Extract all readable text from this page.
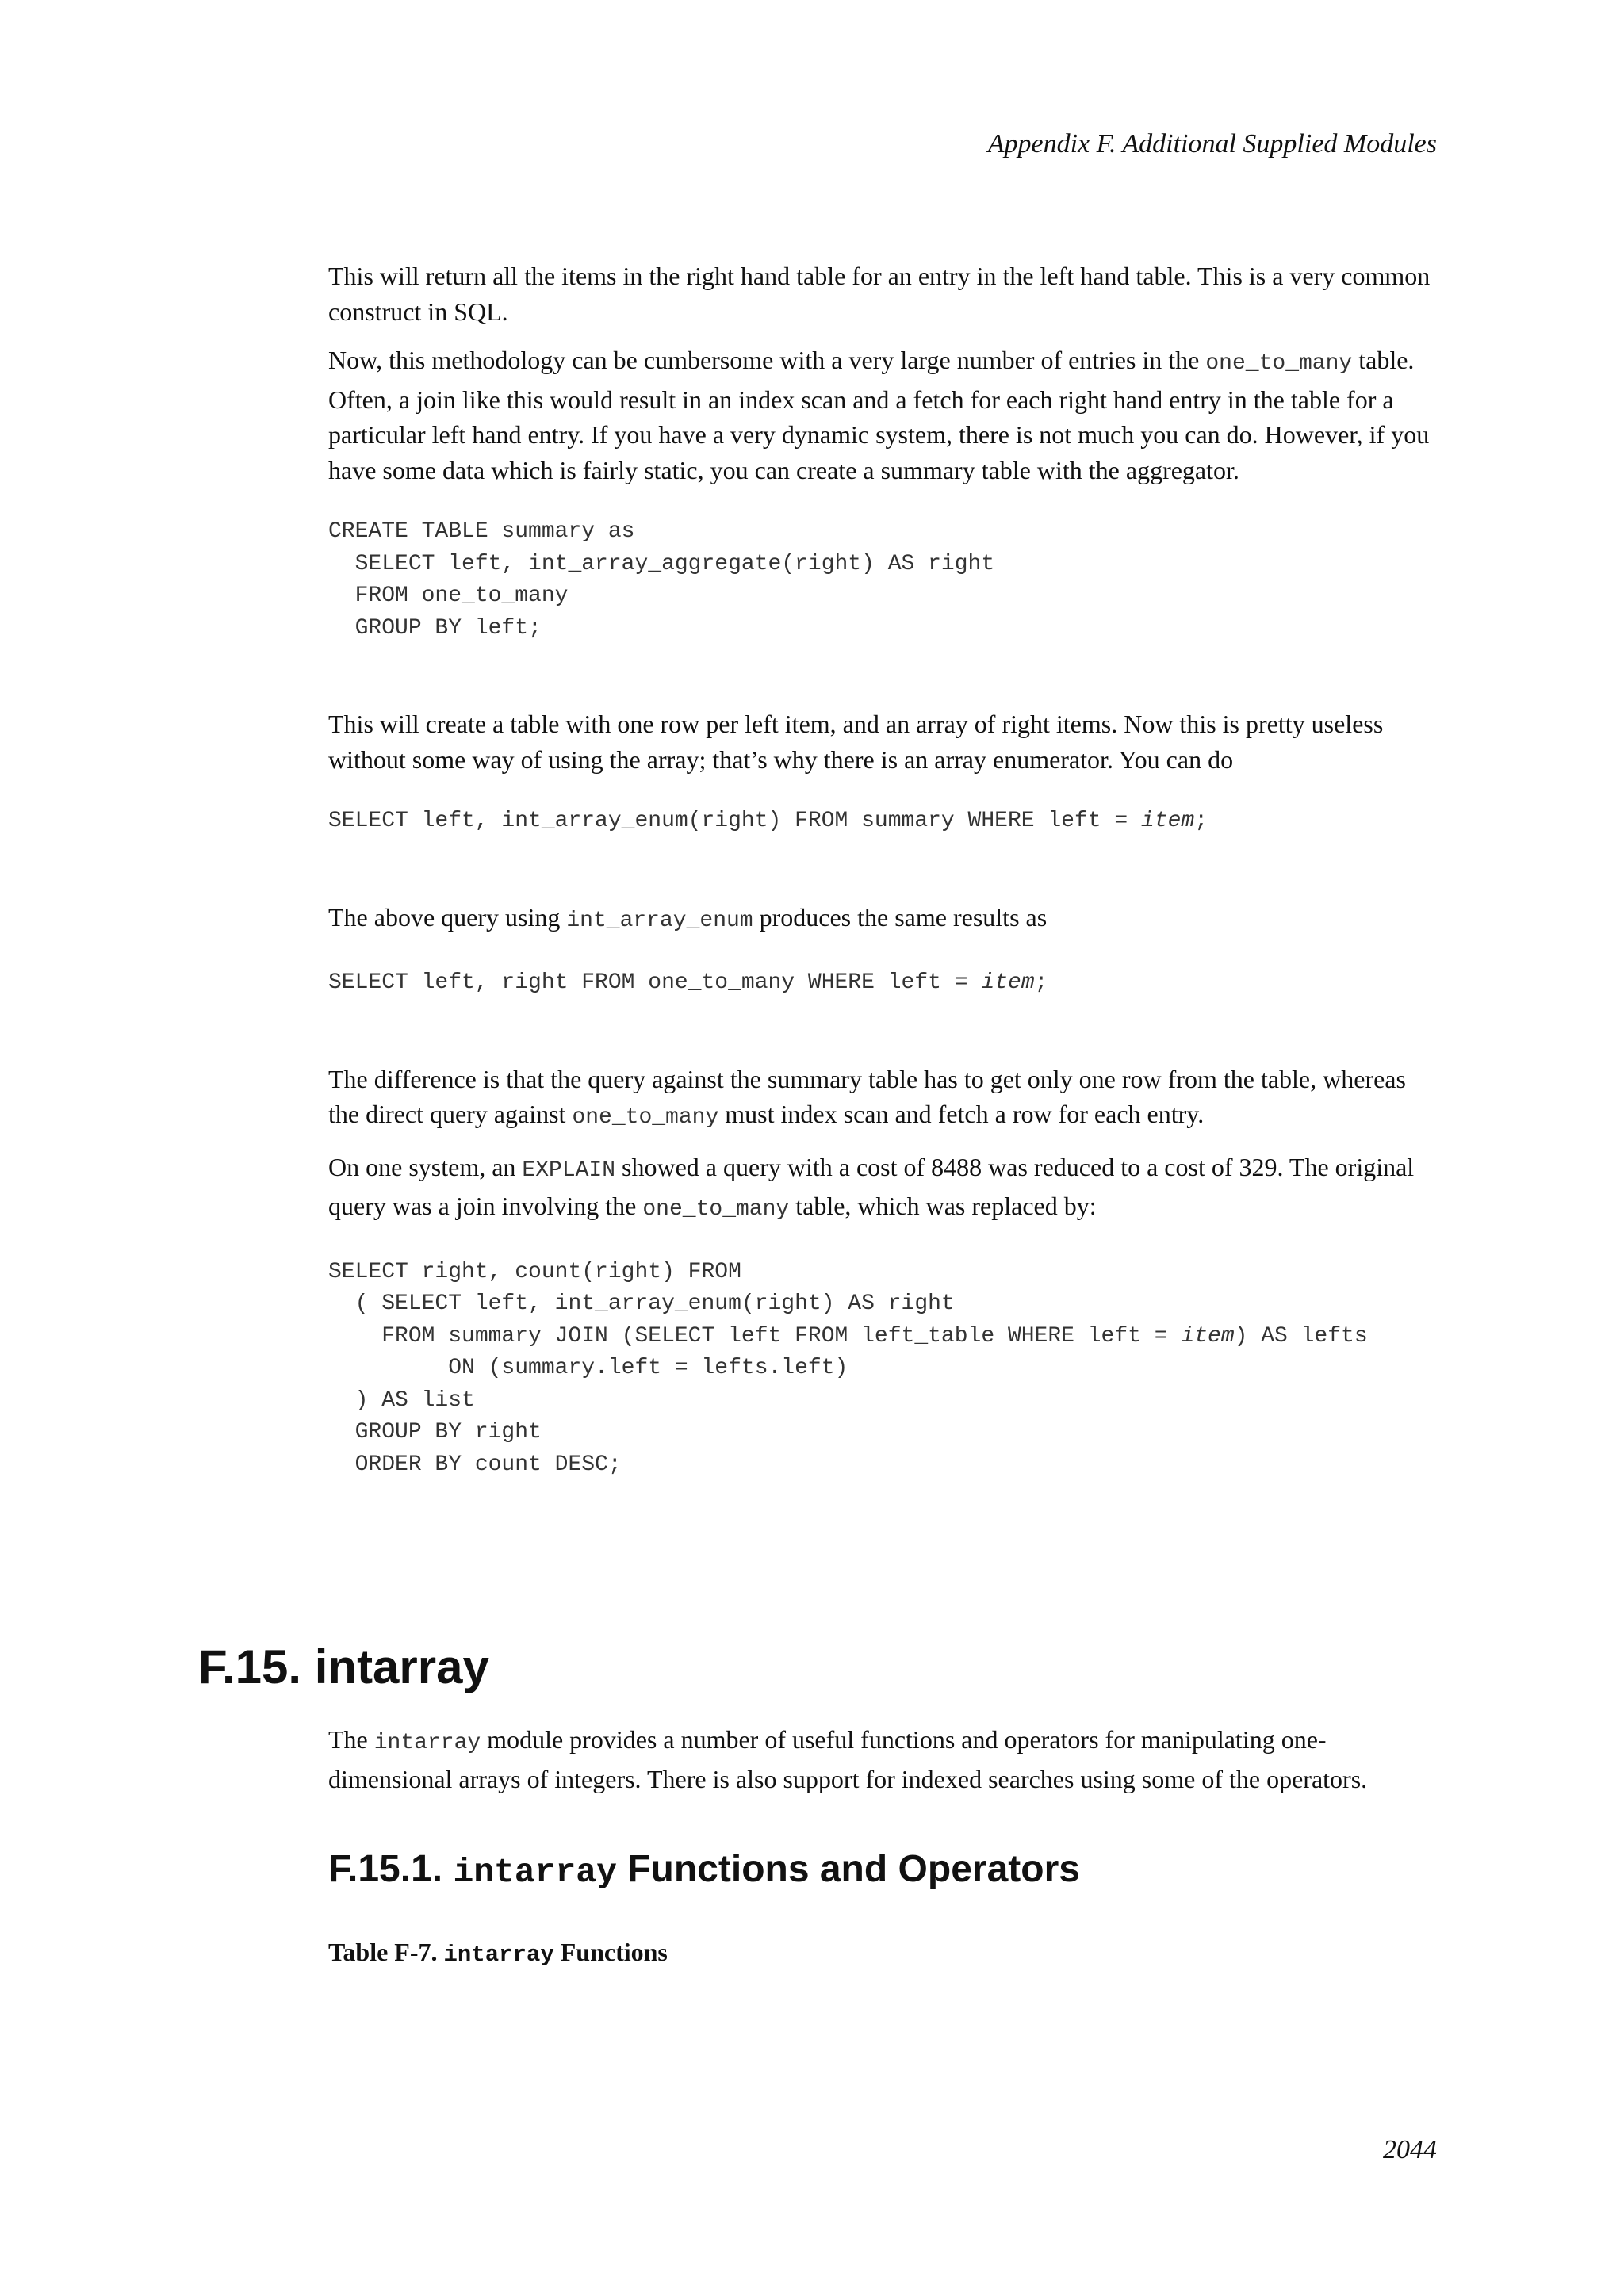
Appendix F. Additional Supplied Modules

This will return all the items in the right hand table for an entry in the left hand table. This is a very common construct in SQL.

Now, this methodology can be cumbersome with a very large number of entries in the one_to_many table. Often, a join like this would result in an index scan and a fetch for each right hand entry in the table for a particular left hand entry. If you have a very dynamic system, there is not much you can do. However, if you have some data which is fairly static, you can create a summary table with the aggregator.

CREATE TABLE summary as
SELECT left, int_array_aggregate(right) AS right
FROM one_to_many
GROUP BY left;

This will create a table with one row per left item, and an array of right items. Now this is pretty useless without some way of using the array; that’s why there is an array enumerator. You can do

SELECT left, int_array_enum(right) FROM summary WHERE left = item;

The above query using int_array_enum produces the same results as

SELECT left, right FROM one_to_many WHERE left = item;

The difference is that the query against the summary table has to get only one row from the table, whereas the direct query against one_to_many must index scan and fetch a row for each entry.

On one system, an EXPLAIN showed a query with a cost of 8488 was reduced to a cost of 329. The original query was a join involving the one_to_many table, which was replaced by:

SELECT right, count(right) FROM
( SELECT left, int_array_enum(right) AS right
FROM summary JOIN (SELECT left FROM left_table WHERE left = item) AS lefts
ON (summary.left = lefts.left)
) AS list
GROUP BY right
ORDER BY count DESC;
F.15. intarray

The intarray module provides a number of useful functions and operators for manipulating one-dimensional arrays of integers. There is also support for indexed searches using some of the operators.

F.15.1. intarray Functions and Operators

Table F-7. intarray Functions

2044
